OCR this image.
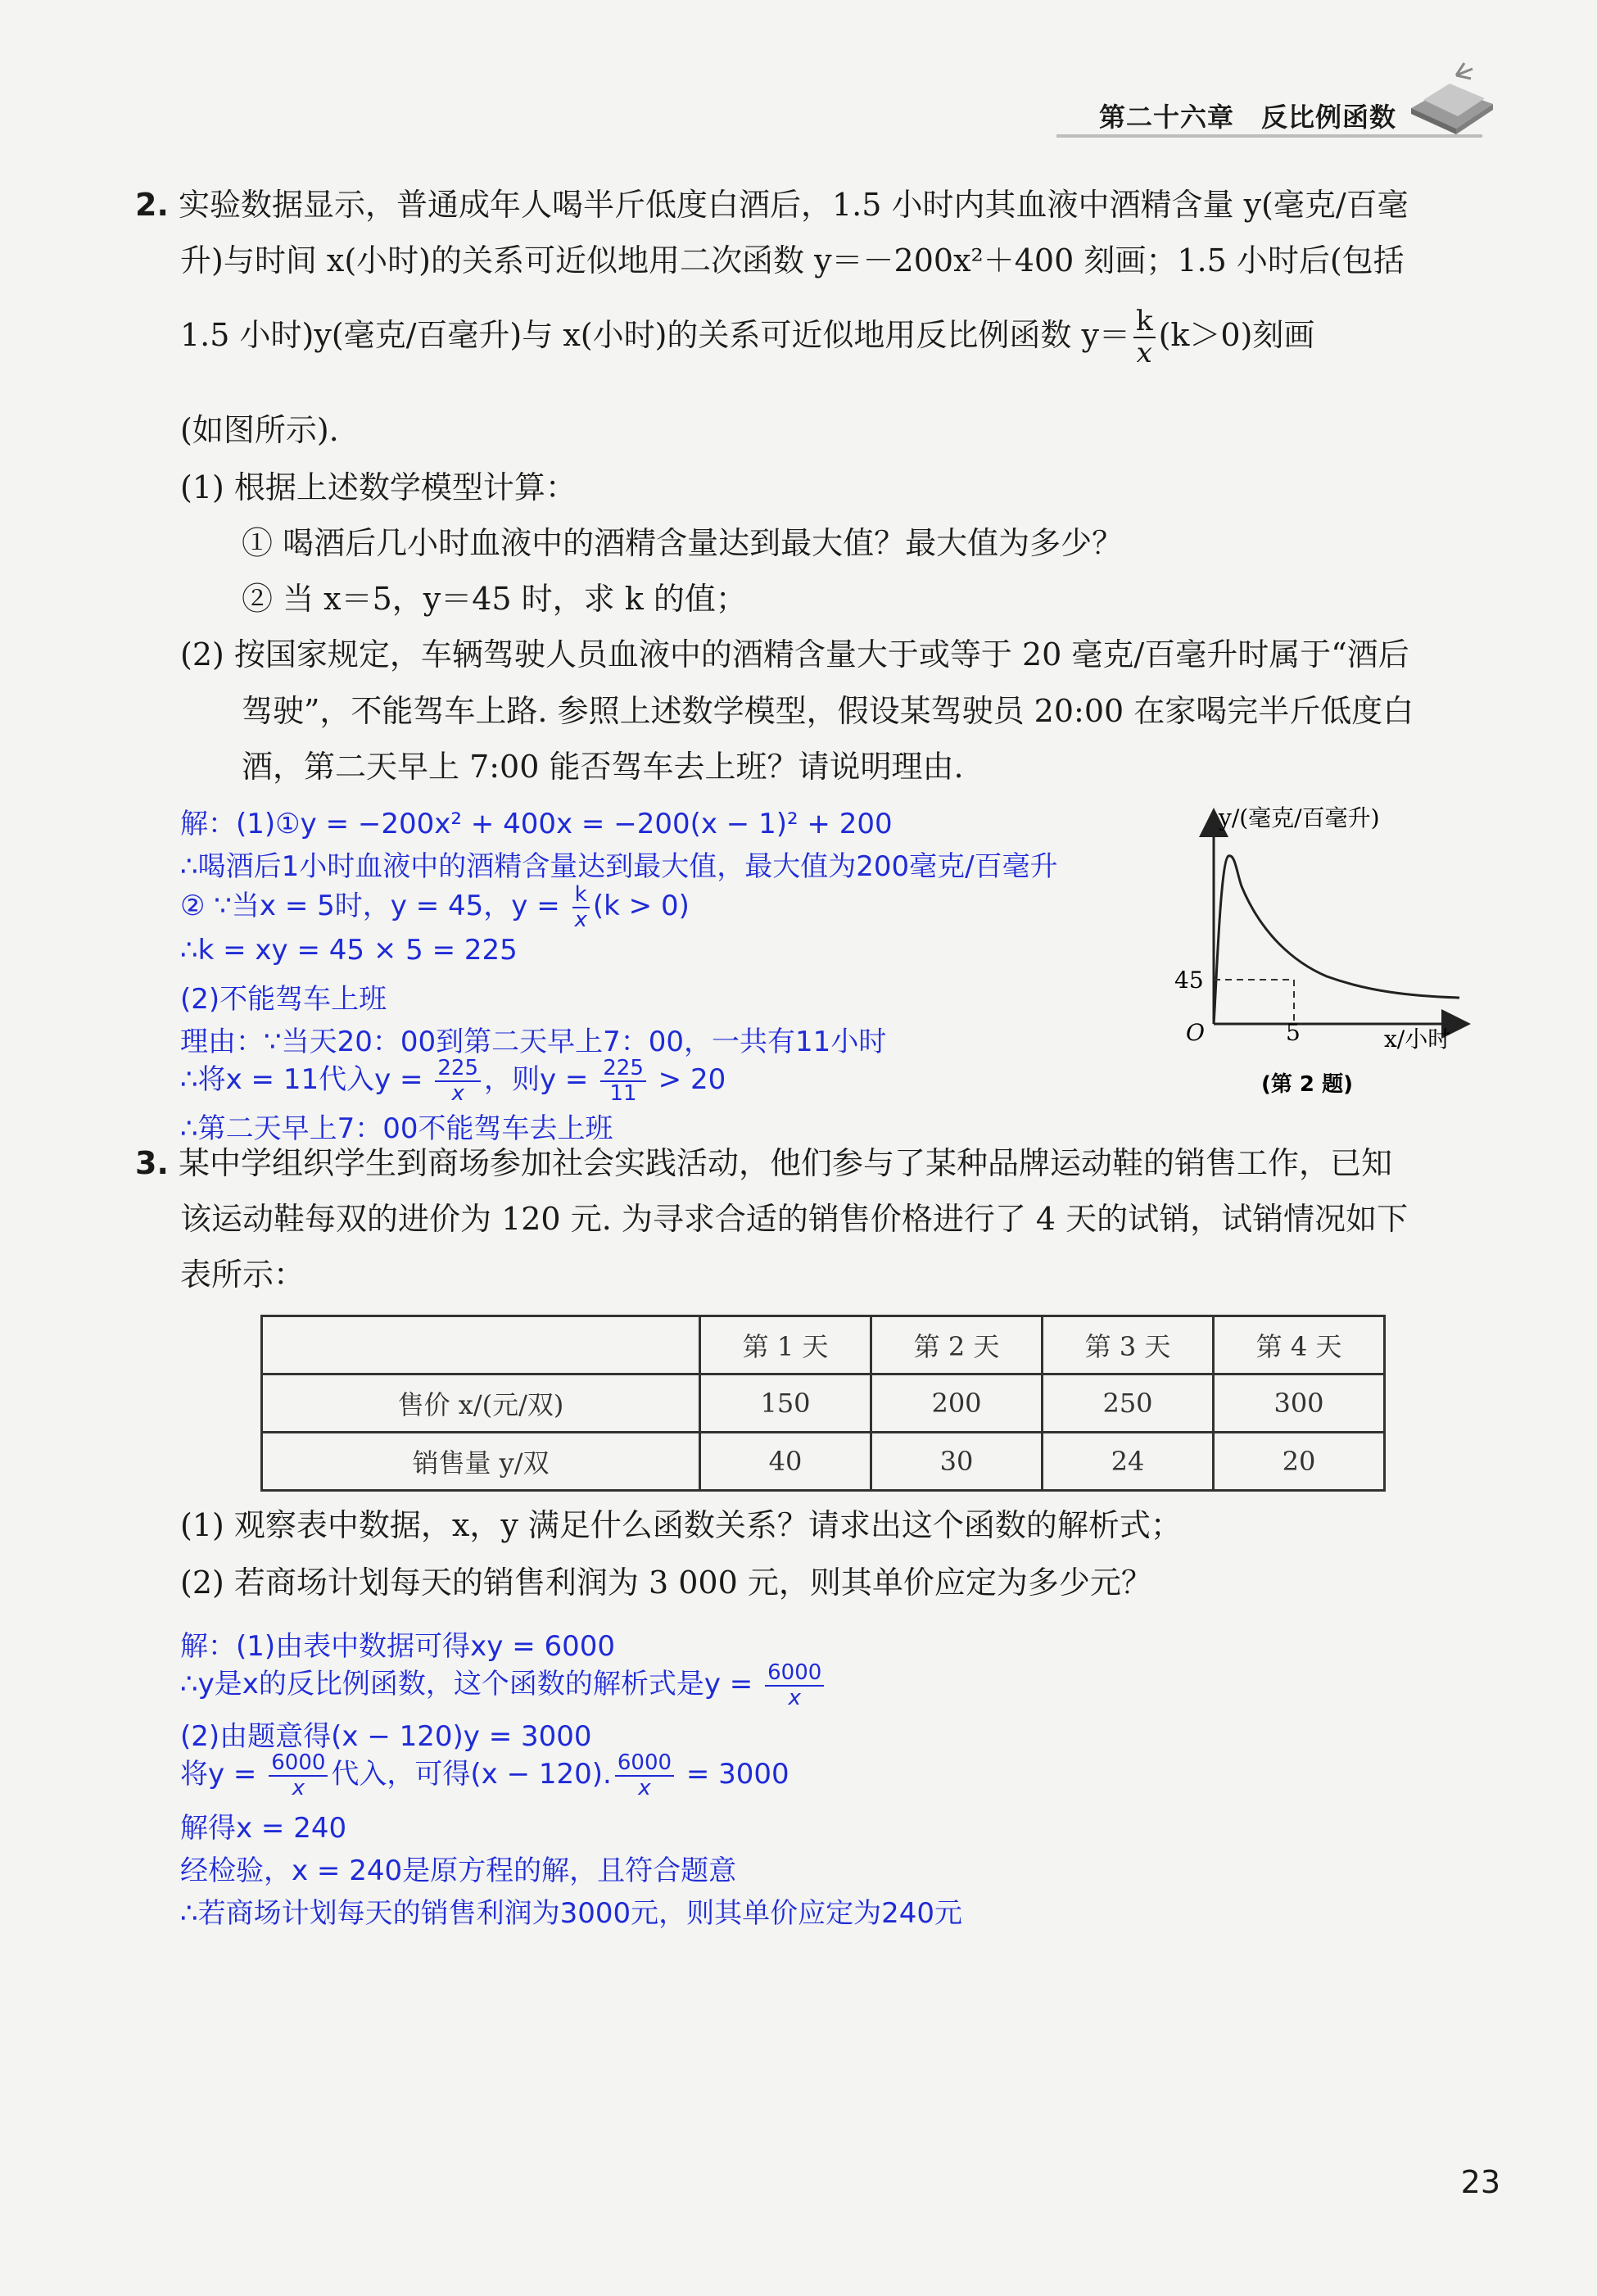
第二十六章　反比例函数
2. 实验数据显示，普通成年人喝半斤低度白酒后，1.5 小时内其血液中酒精含量 y(毫克/百毫
升)与时间 x(小时)的关系可近似地用二次函数 y＝－200x²＋400 刻画；1.5 小时后(包括
1.5 小时)y(毫克/百毫升)与 x(小时)的关系可近似地用反比例函数 $y= \frac{k}{x} (k>0)$刻画
(如图所示).
(1) 根据上述数学模型计算：
① 喝酒后几小时血液中的酒精含量达到最大值？最大值为多少？
② 当 x＝5，y＝45 时，求 k 的值；
(2) 按国家规定，车辆驾驶人员血液中的酒精含量大于或等于 20 毫克/百毫升时属于“酒后
驾驶”，不能驾车上路. 参照上述数学模型，假设某驾驶员 20:00 在家喝完半斤低度白
酒，第二天早上 7:00 能否驾车去上班？请说明理由.
解：(1)①y = −200x² + 400x = −200(x − 1)² + 200
∴喝酒后1小时血液中的酒精含量达到最大值，最大值为200毫克/百毫升
② ∵当x = 5时，y = 45，$y = \frac{k}{x} (k > 0)$
∴k = xy = 45 × 5 = 225
(2)不能驾车上班
理由：∵当天20：00到第二天早上7：00，一共有11小时
∴将x = 11代入$y = \frac{225}{x}$ ，则$y = \frac{225}{11} > 20$
∴第二天早上7：00不能驾车去上班
y/(毫克/百毫升)
x/小时
O
45
5
(第 2 题)
3. 某中学组织学生到商场参加社会实践活动，他们参与了某种品牌运动鞋的销售工作，已知
该运动鞋每双的进价为 120 元. 为寻求合适的销售价格进行了 4 天的试销，试销情况如下
表所示：
	第 1 天	第 2 天	第 3 天	第 4 天
售价 x/(元/双)	150	200	250	300
销售量 y/双	40	30	24	20
(1) 观察表中数据，x，y 满足什么函数关系？请求出这个函数的解析式；
(2) 若商场计划每天的销售利润为 3 000 元，则其单价应定为多少元？
解：(1)由表中数据可得xy = 6000
∴y是x的反比例函数，这个函数的解析式是$y = \frac{6000}{x}$
(2)由题意得(x − 120)y = 3000
将$y = \frac{6000}{x}$ 代入，可得(x − 120). $\frac{6000}{x} = 3000$
解得x = 240
经检验，x = 240是原方程的解，且符合题意
∴若商场计划每天的销售利润为3000元，则其单价应定为240元
23
